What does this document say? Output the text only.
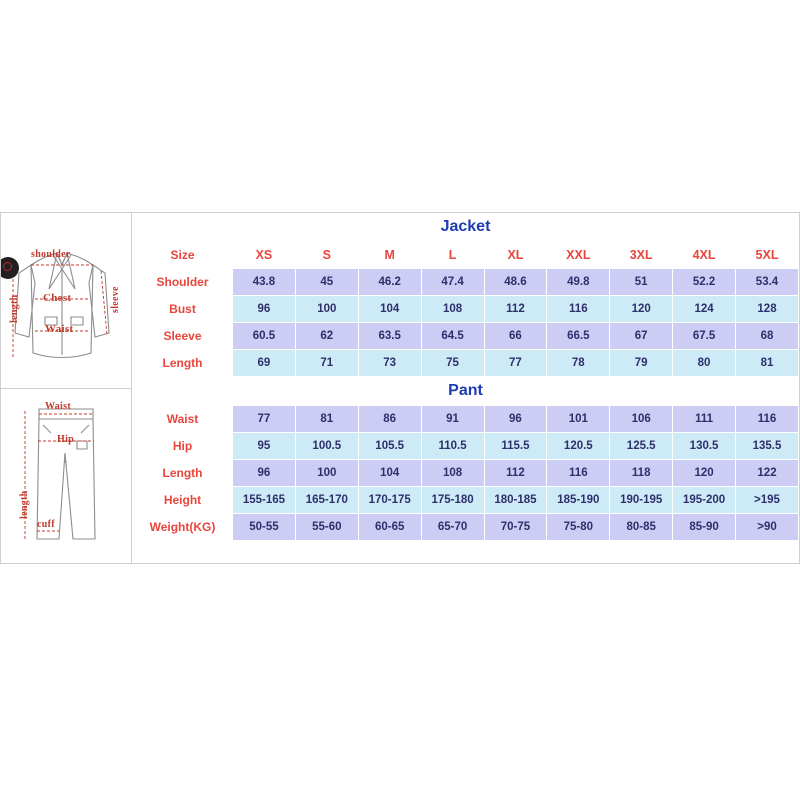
shoulder
sleeve
Chest
Waist
length
Waist
Hip
length
cuff
Jacket
Size	XS	S	M	L	XL	XXL	3XL	4XL	5XL
Shoulder	43.8	45	46.2	47.4	48.6	49.8	51	52.2	53.4
Bust	96	100	104	108	112	116	120	124	128
Sleeve	60.5	62	63.5	64.5	66	66.5	67	67.5	68
Length	69	71	73	75	77	78	79	80	81
Pant
Waist	77	81	86	91	96	101	106	111	116
Hip	95	100.5	105.5	110.5	115.5	120.5	125.5	130.5	135.5
Length	96	100	104	108	112	116	118	120	122
Height	155-165	165-170	170-175	175-180	180-185	185-190	190-195	195-200	>195
Weight(KG)	50-55	55-60	60-65	65-70	70-75	75-80	80-85	85-90	>90
